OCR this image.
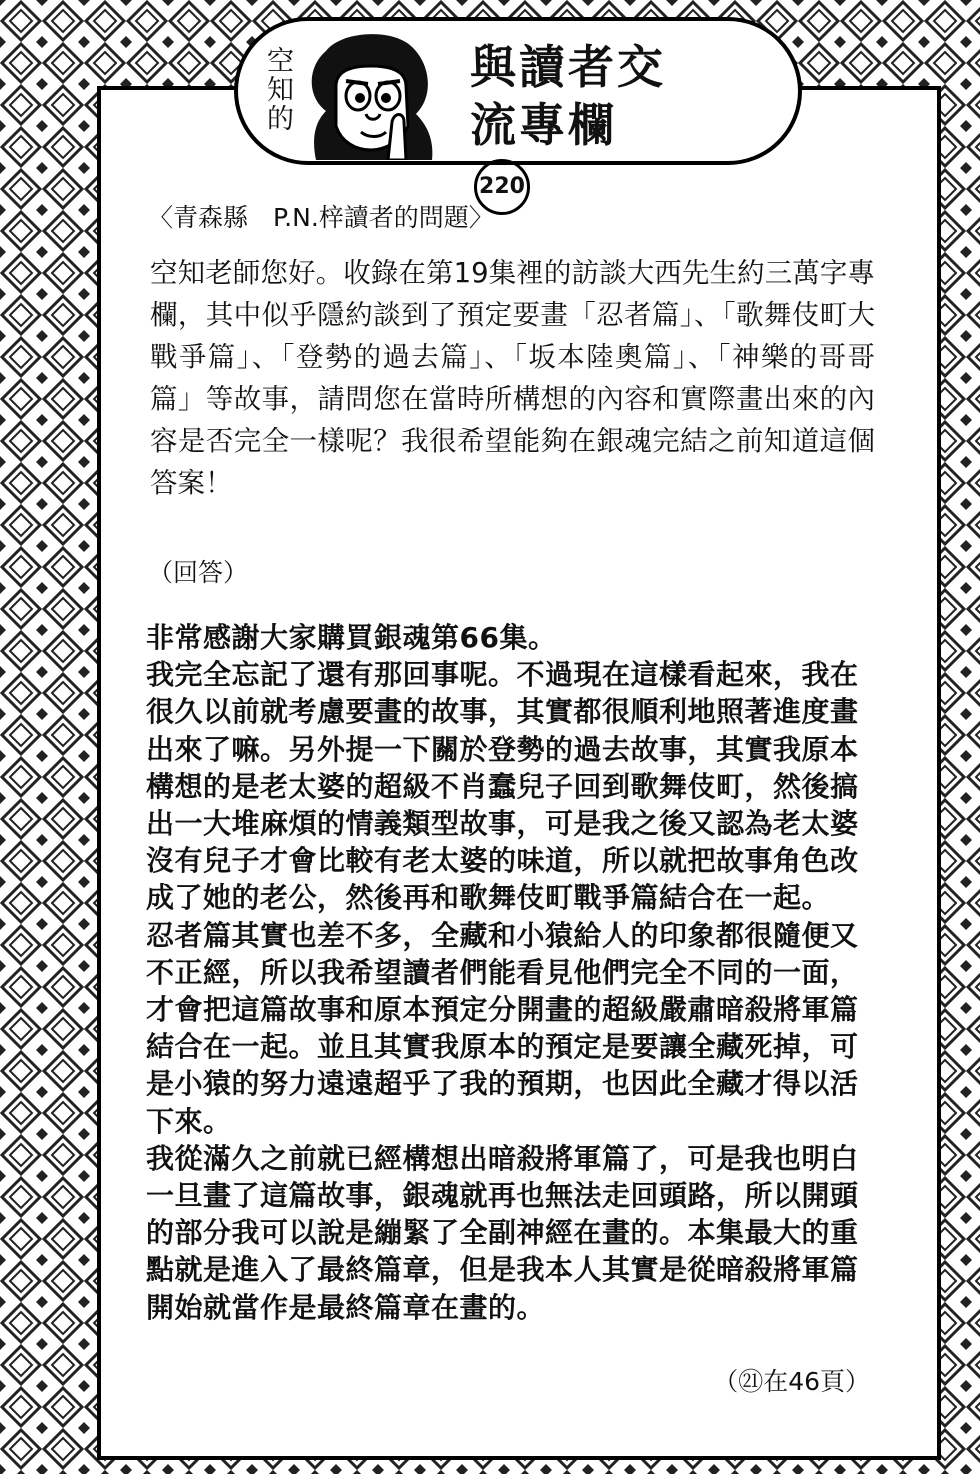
空知的	與讀者交
流專欄220
〈青森縣　P.N.梓讀者的問題〉
空知老師您好。收錄在第19集裡的訪談大西先生約三萬字專欄，其中似乎隱約談到了預定要畫「忍者篇」、「歌舞伎町大戰爭篇」、「登勢的過去篇」、「坂本陸奧篇」、「神樂的哥哥篇」等故事，請問您在當時所構想的內容和實際畫出來的內容是否完全一樣呢？我很希望能夠在銀魂完結之前知道這個答案！
（回答）

非常感謝大家購買銀魂第66集。

我完全忘記了還有那回事呢。不過現在這樣看起來，我在很久以前就考慮要畫的故事，其實都很順利地照著進度畫出來了嘛。另外提一下關於登勢的過去故事，其實我原本構想的是老太婆的超級不肖蠢兒子回到歌舞伎町，然後搞出一大堆麻煩的情義類型故事，可是我之後又認為老太婆沒有兒子才會比較有老太婆的味道，所以就把故事角色改成了她的老公，然後再和歌舞伎町戰爭篇結合在一起。

忍者篇其實也差不多，全藏和小猿給人的印象都很隨便又不正經，所以我希望讀者們能看見他們完全不同的一面，才會把這篇故事和原本預定分開畫的超級嚴肅暗殺將軍篇結合在一起。並且其實我原本的預定是要讓全藏死掉，可是小猿的努力遠遠超乎了我的預期，也因此全藏才得以活下來。

我從滿久之前就已經構想出暗殺將軍篇了，可是我也明白一旦畫了這篇故事，銀魂就再也無法走回頭路，所以開頭的部分我可以說是繃緊了全副神經在畫的。本集最大的重點就是進入了最終篇章，但是我本人其實是從暗殺將軍篇開始就當作是最終篇章在畫的。

（㉑在46頁）
